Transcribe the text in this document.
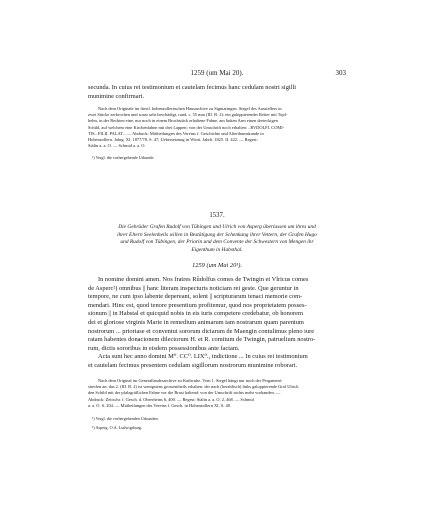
1259 (um Mai 20).	303
secunda. In cuius rei testimonium et cautelam fecimus hanc cedulam nostri sigilli
munimine confirmari.
Nach dem Originale im fürstl. hohenzollernschen Hausarchive zu Sigmaringen. Siegel des Ausstellers in
zwei Stücke zerbrochen und sonst sehr beschädigt, rund, c. 55 mm (III. B. 2): ein galoppierender Reiter mit Topf-
helm, in der Rechten eine, nur noch in einem Bruchstück erhaltene Fahne, am linken Arm einen dreieckigen
Schild, auf welchem eine Kirchenfahne mit drei Lappen; von der Umschrift noch erhalten: ..RVDOLFI. COMI-
TIS...FILII. PALAT... — Abdruck: Mittheilungen des Vereins f. Geschichte und Alterthumskunde in
Hohenzollern. Jahrg. XI. 1877/78, S. 47; Uebersetzung in Württ. Jahrb. 1825. II. 422. — Regest:
Stälin a. a. O. — Schmid a. a. O.
¹) Vergl. die vorhergehende Urkunde.
1537.
Die Gebrüder Grafen Rudolf von Tübingen und Ulrich von Asperg überlassen um ihres und
ihrer Eltern Seelenheils willen in Bestätigung der Schenkung ihrer Vettern, der Grafen Hugo
und Rudolf von Tübingen, der Priorin und dem Convente der Schwestern von Mengen ihr
Eigenthum in Habsthal.
1259 (um Mai 20¹).
In nomine domini amen. Nos fratres Růdolfus comes de Twingin et Vlricus comes
de Asperc²) omnibus || hanc literam inspecturis noticiam rei geste. Que geruntur in
tempore, ne cum ipso labente depereant, solent || scripturarum tenaci memorie com-
mendari. Hinc est, quod tenore presentium profitemur, quod nos proprietatem posses-
sionum || in Habstal et quicquid nobis in eis iuris competere credebatur, ob honorem
dei et gloriose virginis Marie in remedium animarum tam nostrarum quam parentum
nostrorum ... prioriase et conventui sororum dictarum de Maengin contulimus pleno iure
ratam habentes donacionem dilectorum H. et R. comitum de Twingin, patruelium nostro-
rum, dictis sororibus in eisdem possessionibus ante factam.
Acta sunt hec anno domini M⁰. CC⁰. LIX⁰., indictione ... In cuius rei testimonium
et cautelam fecimus presentem cedulam sigillorum nostrorum munimine roborari.
Nach dem Original im Generallandesarchive zu Karlsruhe. Vom 1. Siegel hängt nur noch der Pergament-
streifen an; das 2. (III. B. 2) ist wenigstens grossentheils erhalten: der nach (heraldisch) links galoppierende Graf Ulrich
den Schild mit der pfalzgräflichen Fahne vor die Brust haltend; von der Umschrift nichts mehr vorhanden. —
Abdruck: Zeitschr. f. Gesch. d. Oberrheins 6, 400. — Regest: Stälin a. a. O. 2, 468. — Schmid
a. a. O. S. 204. — Mittheilungen des Vereins f. Gesch. in Hohenzollern XI, S. 48.
¹) Vergl. die vorhergehenden Urkunden.
²) Asperg, O.A. Ludwigsburg.
